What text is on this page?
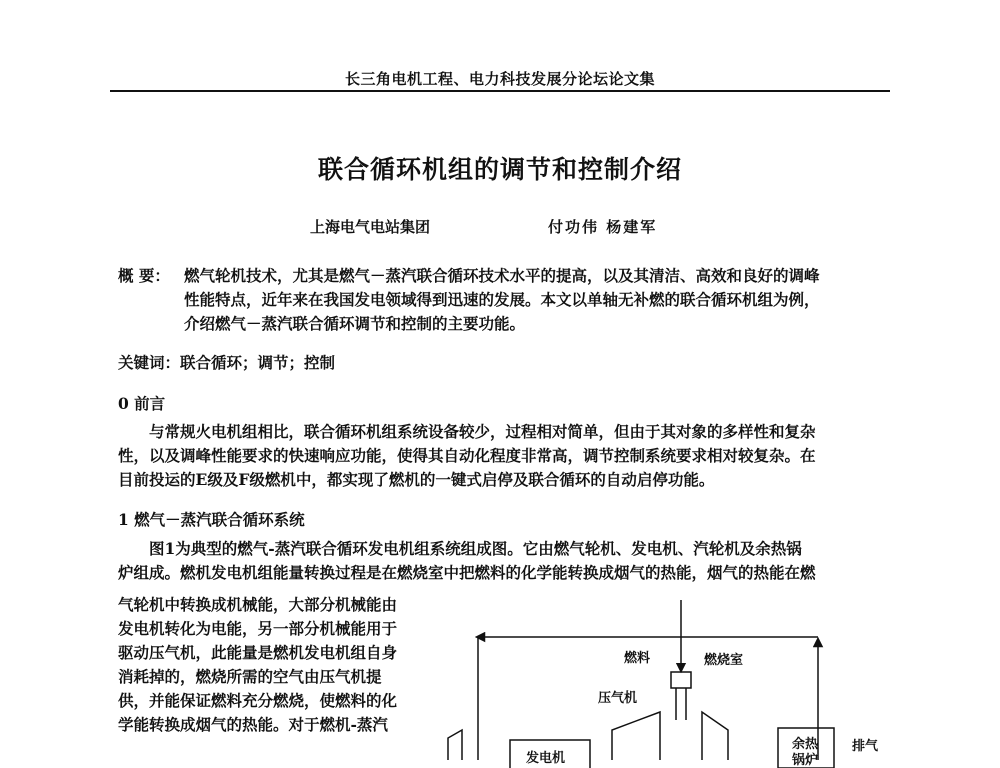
长三角电机工程、电力科技发展分论坛论文集
联合循环机组的调节和控制介绍
上海电气电站集团	付功伟 杨建军
概 要： 燃气轮机技术，尤其是燃气－蒸汽联合循环技术水平的提高，以及其清洁、高效和良好的调峰
性能特点，近年来在我国发电领域得到迅速的发展。本文以单轴无补燃的联合循环机组为例，
介绍燃气－蒸汽联合循环调节和控制的主要功能。
关键词：联合循环；调节；控制
0 前言
与常规火电机组相比，联合循环机组系统设备较少，过程相对简单，但由于其对象的多样性和复杂
性，以及调峰性能要求的快速响应功能，使得其自动化程度非常高，调节控制系统要求相对较复杂。在
目前投运的E级及F级燃机中，都实现了燃机的一键式启停及联合循环的自动启停功能。
1 燃气－蒸汽联合循环系统
图1为典型的燃气-蒸汽联合循环发电机组系统组成图。它由燃气轮机、发电机、汽轮机及余热锅
炉组成。燃机发电机组能量转换过程是在燃烧室中把燃料的化学能转换成烟气的热能，烟气的热能在燃
气轮机中转换成机械能，大部分机械能由
发电机转化为电能，另一部分机械能用于
驱动压气机，此能量是燃机发电机组自身
消耗掉的，燃烧所需的空气由压气机提
供，并能保证燃料充分燃烧，使燃料的化
学能转换成烟气的热能。对于燃机-蒸汽
燃料	燃烧室
压气机
发电机
余热
锅炉
排气
